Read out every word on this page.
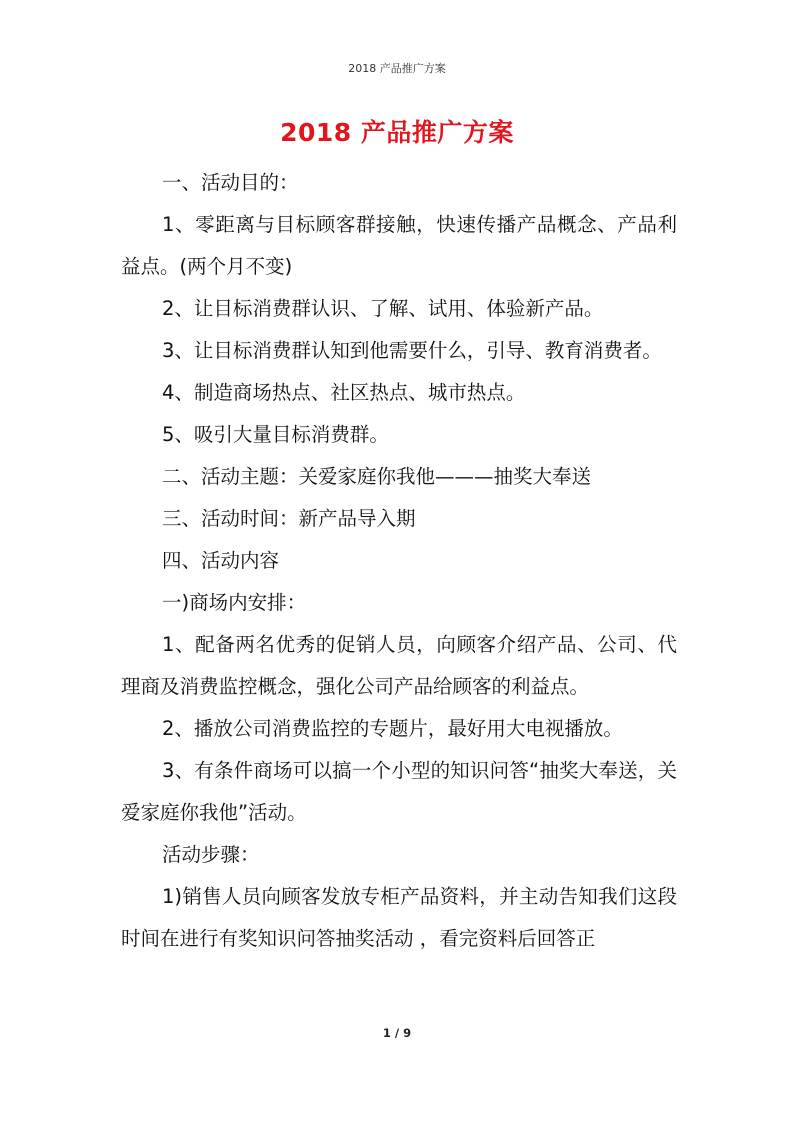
2018 产品推广方案
2018 产品推广方案

一、活动目的：

1、零距离与目标顾客群接触，快速传播产品概念、产品利益点。(两个月不变)

2、让目标消费群认识、了解、试用、体验新产品。

3、让目标消费群认知到他需要什么，引导、教育消费者。

4、制造商场热点、社区热点、城市热点。

5、吸引大量目标消费群。

二、活动主题：关爱家庭你我他———抽奖大奉送

三、活动时间：新产品导入期

四、活动内容

一)商场内安排：

1、配备两名优秀的促销人员，向顾客介绍产品、公司、代理商及消费监控概念，强化公司产品给顾客的利益点。

2、播放公司消费监控的专题片，最好用大电视播放。

3、有条件商场可以搞一个小型的知识问答“抽奖大奉送，关爱家庭你我他”活动。

活动步骤：

1)销售人员向顾客发放专柜产品资料，并主动告知我们这段时间在进行有奖知识问答抽奖活动 ，看完资料后回答正

1 / 9
